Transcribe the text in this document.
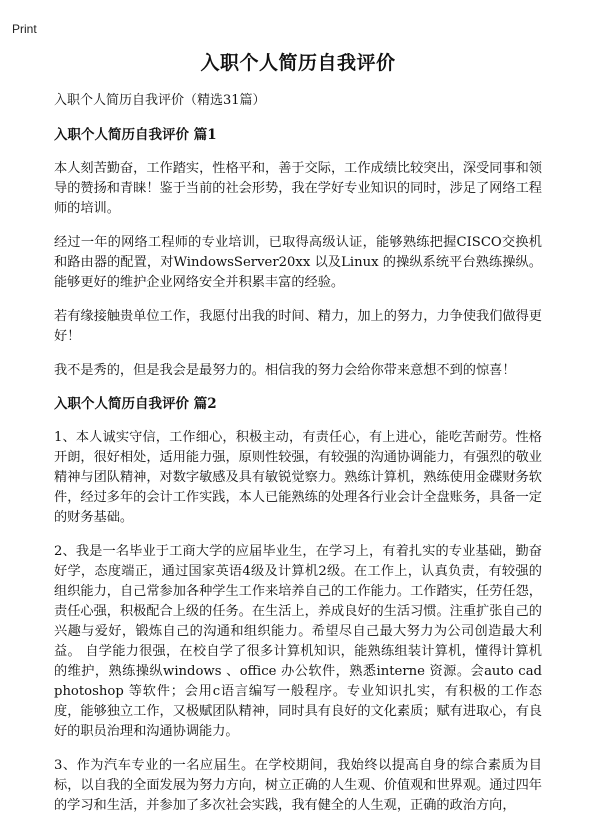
Print
入职个人简历自我评价

入职个人简历自我评价（精选31篇）

入职个人简历自我评价 篇1

本人刻苦勤奋，工作踏实，性格平和，善于交际，工作成绩比较突出，深受同事和领导的赞扬和青睐！鉴于当前的社会形势，我在学好专业知识的同时，涉足了网络工程师的培训。

经过一年的网络工程师的专业培训，已取得高级认证，能够熟练把握CISCO交换机和路由器的配置，对WindowsServer20xx 以及Linux 的操纵系统平台熟练操纵。能够更好的维护企业网络安全并积累丰富的经验。

若有缘接触贵单位工作，我愿付出我的时间、精力，加上的努力，力争使我们做得更好！

我不是秀的，但是我会是最努力的。相信我的努力会给你带来意想不到的惊喜！

入职个人简历自我评价 篇2

1、本人诚实守信，工作细心，积极主动，有责任心，有上进心，能吃苦耐劳。性格开朗，很好相处，适用能力强，原则性较强，有较强的沟通协调能力，有强烈的敬业精神与团队精神，对数字敏感及具有敏锐觉察力。熟练计算机，熟练使用金碟财务软件，经过多年的会计工作实践，本人已能熟练的处理各行业会计全盘账务，具备一定的财务基础。

2、我是一名毕业于工商大学的应届毕业生，在学习上，有着扎实的专业基础，勤奋好学，态度端正，通过国家英语4级及计算机2级。在工作上，认真负责，有较强的组织能力，自己常参加各种学生工作来培养自己的工作能力。工作踏实，任劳任怨，责任心强，积极配合上级的任务。在生活上，养成良好的生活习惯。注重扩张自己的兴趣与爱好，锻炼自己的沟通和组织能力。希望尽自己最大努力为公司创造最大利益。 自学能力很强，在校自学了很多计算机知识，能熟练组装计算机，懂得计算机的维护，熟练操纵windows 、office 办公软件，熟悉interne 资源。会auto cad photoshop 等软件；会用c语言编写一般程序。专业知识扎实，有积极的工作态度，能够独立工作，又极赋团队精神，同时具有良好的文化素质；赋有进取心，有良好的职员治理和沟通协调能力。

3、作为汽车专业的一名应届生。在学校期间，我始终以提高自身的综合素质为目标，以自我的全面发展为努力方向，树立正确的人生观、价值观和世界观。通过四年的学习和生活，并参加了多次社会实践，我有健全的人生观，正确的政治方向，
